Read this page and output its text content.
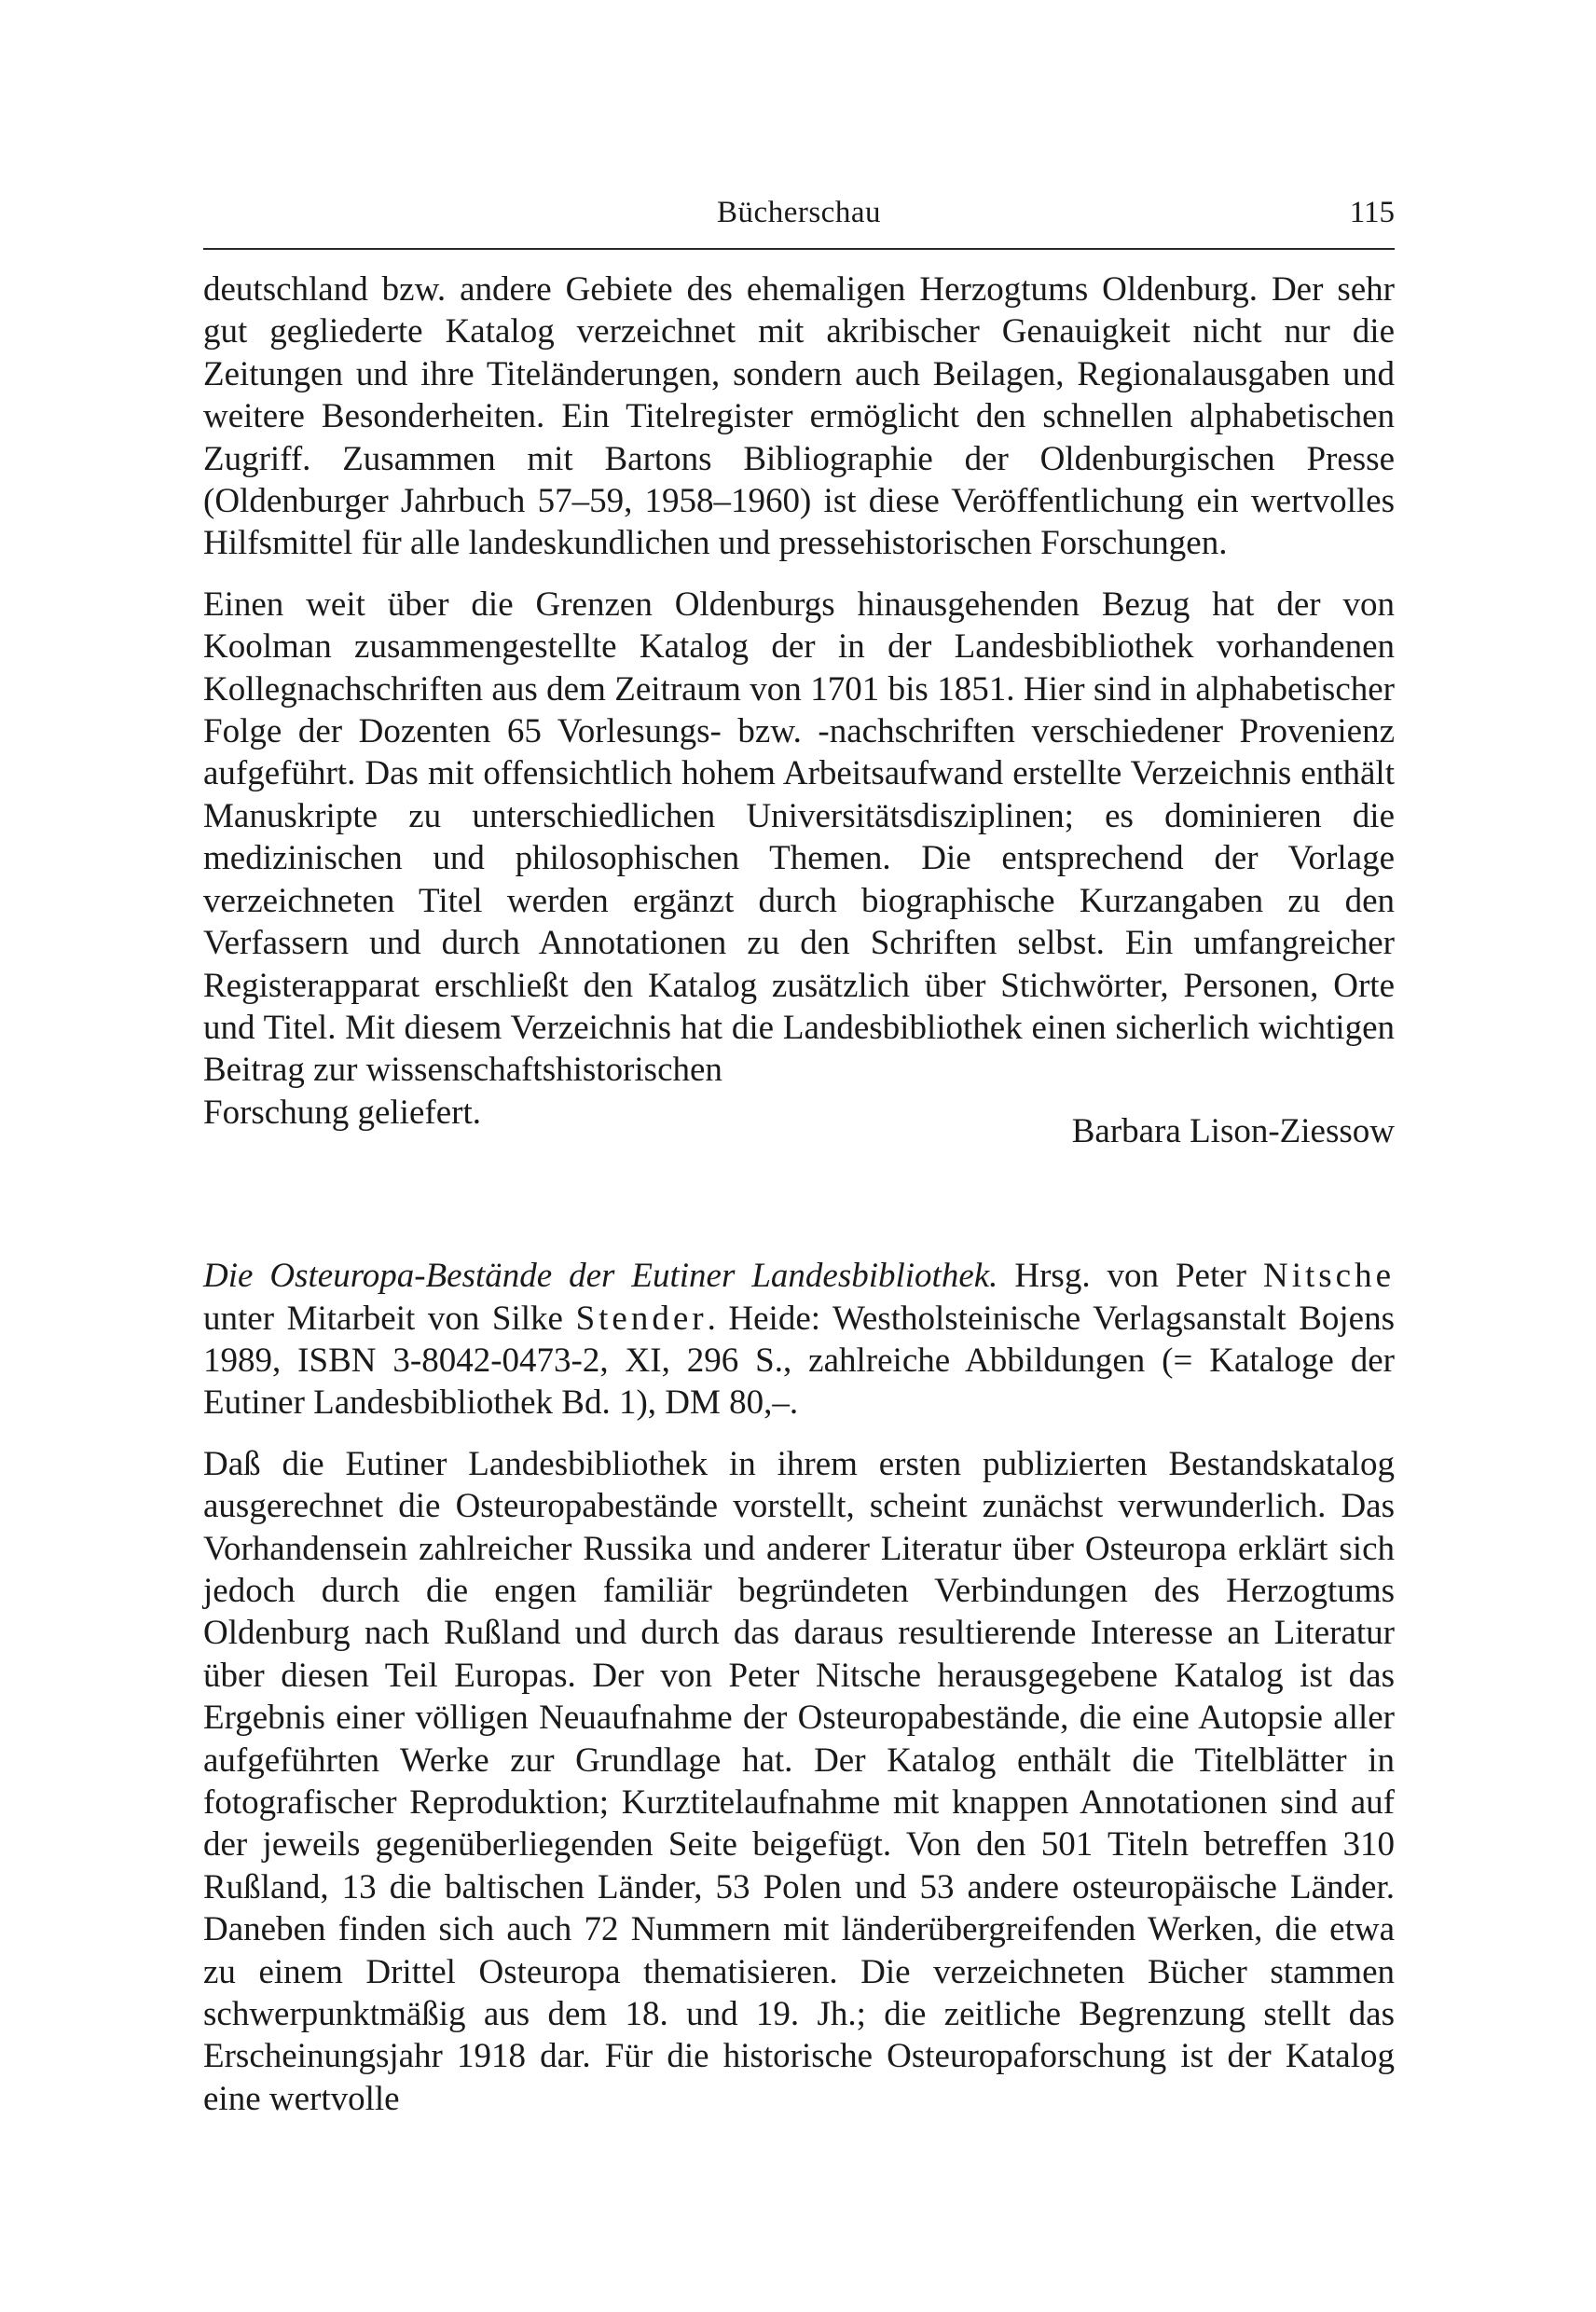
Bücherschau	115

deutschland bzw. andere Gebiete des ehemaligen Herzogtums Oldenburg. Der sehr gut gegliederte Katalog verzeichnet mit akribischer Genauigkeit nicht nur die Zeitungen und ihre Titeländerungen, sondern auch Beilagen, Regionalausgaben und weitere Besonderheiten. Ein Titelregister ermöglicht den schnellen alphabetischen Zugriff. Zusammen mit Bartons Bibliographie der Oldenburgischen Presse (Oldenburger Jahrbuch 57–59, 1958–1960) ist diese Veröffentlichung ein wertvolles Hilfsmittel für alle landeskundlichen und pressehistorischen Forschungen.

Einen weit über die Grenzen Oldenburgs hinausgehenden Bezug hat der von Koolman zusammengestellte Katalog der in der Landesbibliothek vorhandenen Kollegnachschriften aus dem Zeitraum von 1701 bis 1851. Hier sind in alphabetischer Folge der Dozenten 65 Vorlesungs- bzw. -nachschriften verschiedener Provenienz aufgeführt. Das mit offensichtlich hohem Arbeitsaufwand erstellte Verzeichnis enthält Manuskripte zu unterschiedlichen Universitätsdisziplinen; es dominieren die medizinischen und philosophischen Themen. Die entsprechend der Vorlage verzeichneten Titel werden ergänzt durch biographische Kurzangaben zu den Verfassern und durch Annotationen zu den Schriften selbst. Ein umfangreicher Registerapparat erschließt den Katalog zusätzlich über Stichwörter, Personen, Orte und Titel. Mit diesem Verzeichnis hat die Landesbibliothek einen sicherlich wichtigen Beitrag zur wissenschaftshistorischen

Forschung geliefert.	Barbara Lison-Ziessow

Die Osteuropa-Bestände der Eutiner Landesbibliothek. Hrsg. von Peter Nitsche unter Mitarbeit von Silke Stender. Heide: Westholsteinische Verlagsanstalt Bojens 1989, ISBN 3-8042-0473-2, XI, 296 S., zahlreiche Abbildungen (= Kataloge der Eutiner Landesbibliothek Bd. 1), DM 80,–.

Daß die Eutiner Landesbibliothek in ihrem ersten publizierten Bestandskatalog ausgerechnet die Osteuropabestände vorstellt, scheint zunächst verwunderlich. Das Vorhandensein zahlreicher Russika und anderer Literatur über Osteuropa erklärt sich jedoch durch die engen familiär begründeten Verbindungen des Herzogtums Oldenburg nach Rußland und durch das daraus resultierende Interesse an Literatur über diesen Teil Europas. Der von Peter Nitsche herausgegebene Katalog ist das Ergebnis einer völligen Neuaufnahme der Osteuropabestände, die eine Autopsie aller aufgeführten Werke zur Grundlage hat. Der Katalog enthält die Titelblätter in fotografischer Reproduktion; Kurztitelaufnahme mit knappen Annotationen sind auf der jeweils gegenüberliegenden Seite beigefügt. Von den 501 Titeln betreffen 310 Rußland, 13 die baltischen Länder, 53 Polen und 53 andere osteuropäische Länder. Daneben finden sich auch 72 Nummern mit länderübergreifenden Werken, die etwa zu einem Drittel Osteuropa thematisieren. Die verzeichneten Bücher stammen schwerpunktmäßig aus dem 18. und 19. Jh.; die zeitliche Begrenzung stellt das Erscheinungsjahr 1918 dar. Für die historische Osteuropaforschung ist der Katalog eine wertvolle
